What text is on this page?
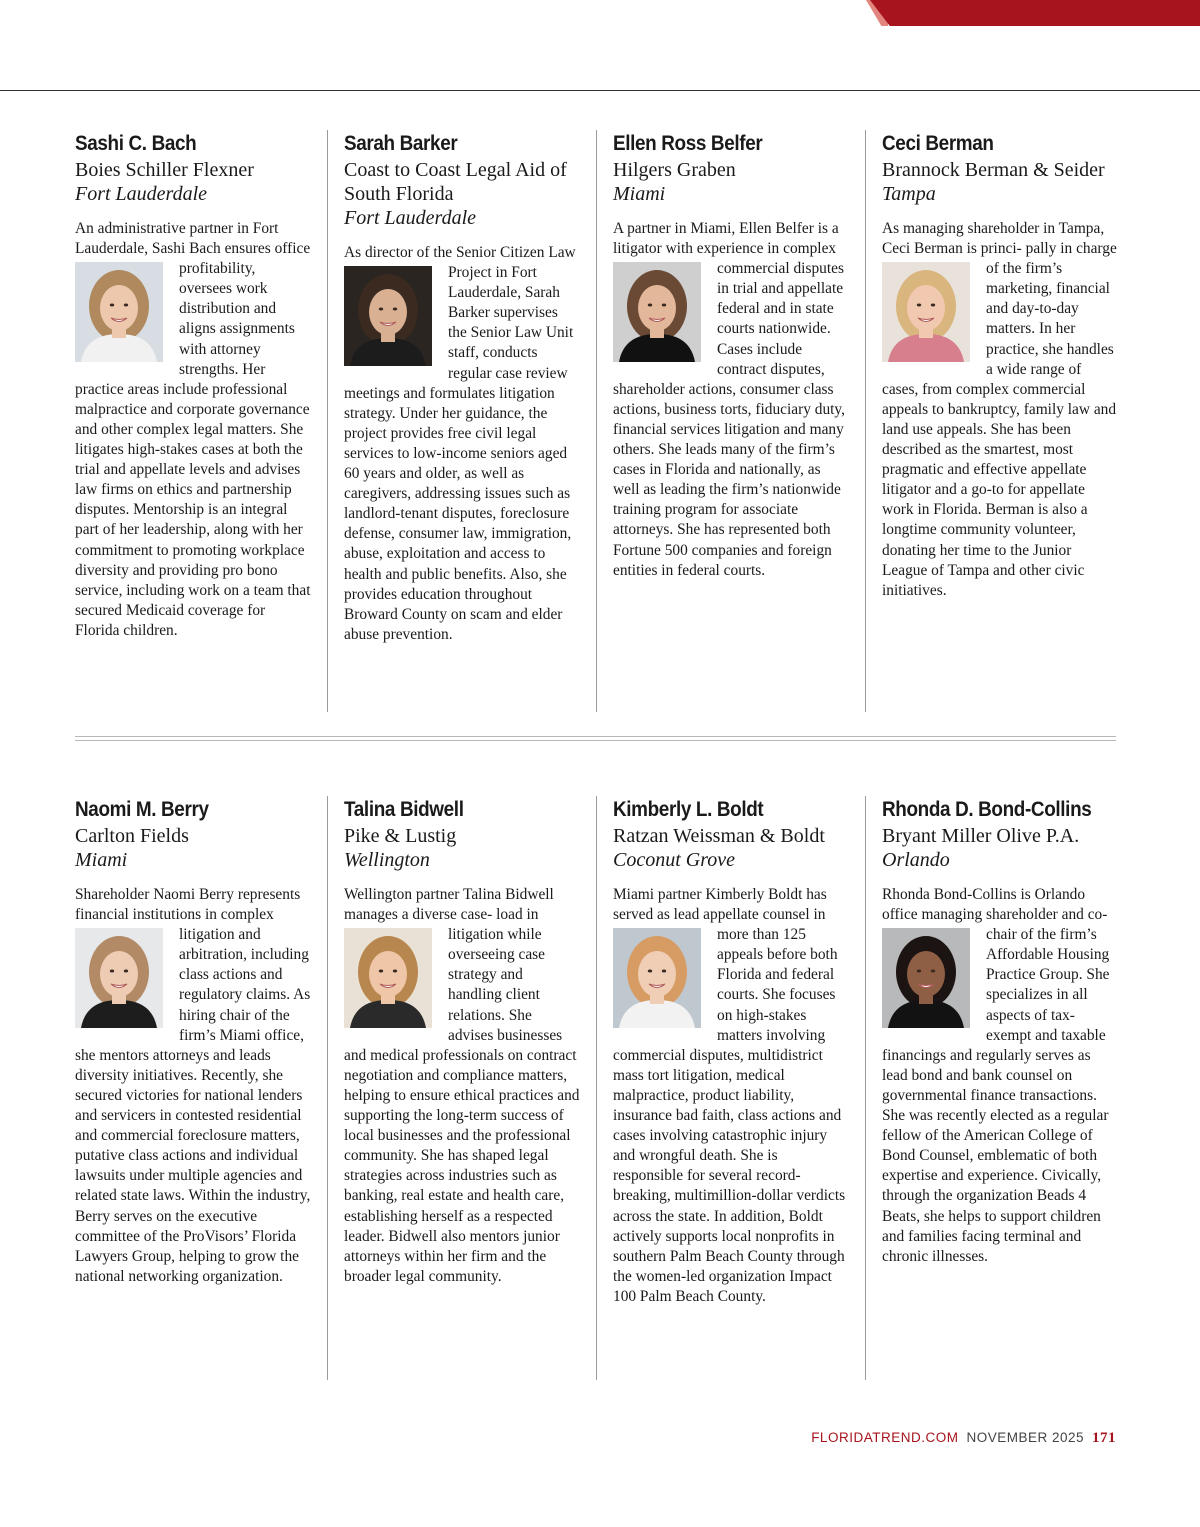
Sashi C. Bach

Boies Schiller Flexner

Fort Lauderdale

An administrative partner in Fort Lauderdale, Sashi Bach ensures office profitability, oversees work distribution and aligns assignments with attorney strengths. Her practice areas include professional malpractice and corporate governance and other complex legal matters. She litigates high-stakes cases at both the trial and appellate levels and advises law firms on ethics and partnership disputes. Mentorship is an integral part of her leadership, along with her commitment to promoting workplace diversity and providing pro bono service, including work on a team that secured Medicaid coverage for Florida children.

Sarah Barker

Coast to Coast Legal Aid of South Florida

Fort Lauderdale

As director of the Senior Citizen Law Project in Fort Lauderdale, Sarah Barker supervises the Senior Law Unit staff, conducts regular case review meetings and formulates litigation strategy. Under her guidance, the project provides free civil legal services to low-income seniors aged 60 years and older, as well as caregivers, addressing issues such as landlord-tenant disputes, foreclosure defense, consumer law, immigration, abuse, exploitation and access to health and public benefits. Also, she provides education throughout Broward County on scam and elder abuse prevention.

Ellen Ross Belfer

Hilgers Graben

Miami

A partner in Miami, Ellen Belfer is a litigator with experience in complex commercial disputes in trial and appellate federal and in state courts nationwide. Cases include contract disputes, shareholder actions, consumer class actions, business torts, fiduciary duty, financial services litigation and many others. She leads many of the firm’s cases in Florida and nationally, as well as leading the firm’s nationwide training program for associate attorneys. She has represented both Fortune 500 companies and foreign entities in federal courts.

Ceci Berman

Brannock Berman & Seider

Tampa

As managing shareholder in Tampa, Ceci Berman is princi- pally in charge of the firm’s marketing, financial and day-to-day matters. In her practice, she handles a wide range of cases, from complex commercial appeals to bankruptcy, family law and land use appeals. She has been described as the smartest, most pragmatic and effective appellate litigator and a go-to for appellate work in Florida. Berman is also a longtime community volunteer, donating her time to the Junior League of Tampa and other civic initiatives.

Naomi M. Berry

Carlton Fields

Miami

Shareholder Naomi Berry represents financial institutions in complex litigation and arbitration, including class actions and regulatory claims. As hiring chair of the firm’s Miami office, she mentors attorneys and leads diversity initiatives. Recently, she secured victories for national lenders and servicers in contested residential and commercial foreclosure matters, putative class actions and individual lawsuits under multiple agencies and related state laws. Within the industry, Berry serves on the executive committee of the ProVisors’ Florida Lawyers Group, helping to grow the national networking organization.

Talina Bidwell

Pike & Lustig

Wellington

Wellington partner Talina Bidwell manages a diverse case- load in litigation while overseeing case strategy and handling client relations. She advises businesses and medical professionals on contract negotiation and compliance matters, helping to ensure ethical practices and supporting the long-term success of local businesses and the professional community. She has shaped legal strategies across industries such as banking, real estate and health care, establishing herself as a respected leader. Bidwell also mentors junior attorneys within her firm and the broader legal community.

Kimberly L. Boldt

Ratzan Weissman & Boldt

Coconut Grove

Miami partner Kimberly Boldt has served as lead appellate counsel in more than 125 appeals before both Florida and federal courts. She focuses on high-stakes matters involving commercial disputes, multidistrict mass tort litigation, medical malpractice, product liability, insurance bad faith, class actions and cases involving catastrophic injury and wrongful death. She is responsible for several record-breaking, multimillion-dollar verdicts across the state. In addition, Boldt actively supports local nonprofits in southern Palm Beach County through the women-led organization Impact 100 Palm Beach County.

Rhonda D. Bond-Collins

Bryant Miller Olive P.A.

Orlando

Rhonda Bond-Collins is Orlando office managing shareholder and co-chair of the firm’s Affordable Housing Practice Group. She specializes in all aspects of tax-exempt and taxable financings and regularly serves as lead bond and bank counsel on governmental finance transactions. She was recently elected as a regular fellow of the American College of Bond Counsel, emblematic of both expertise and experience. Civically, through the organization Beads 4 Beats, she helps to support children and families facing terminal and chronic illnesses.

FLORIDATREND.COM NOVEMBER 2025 171
